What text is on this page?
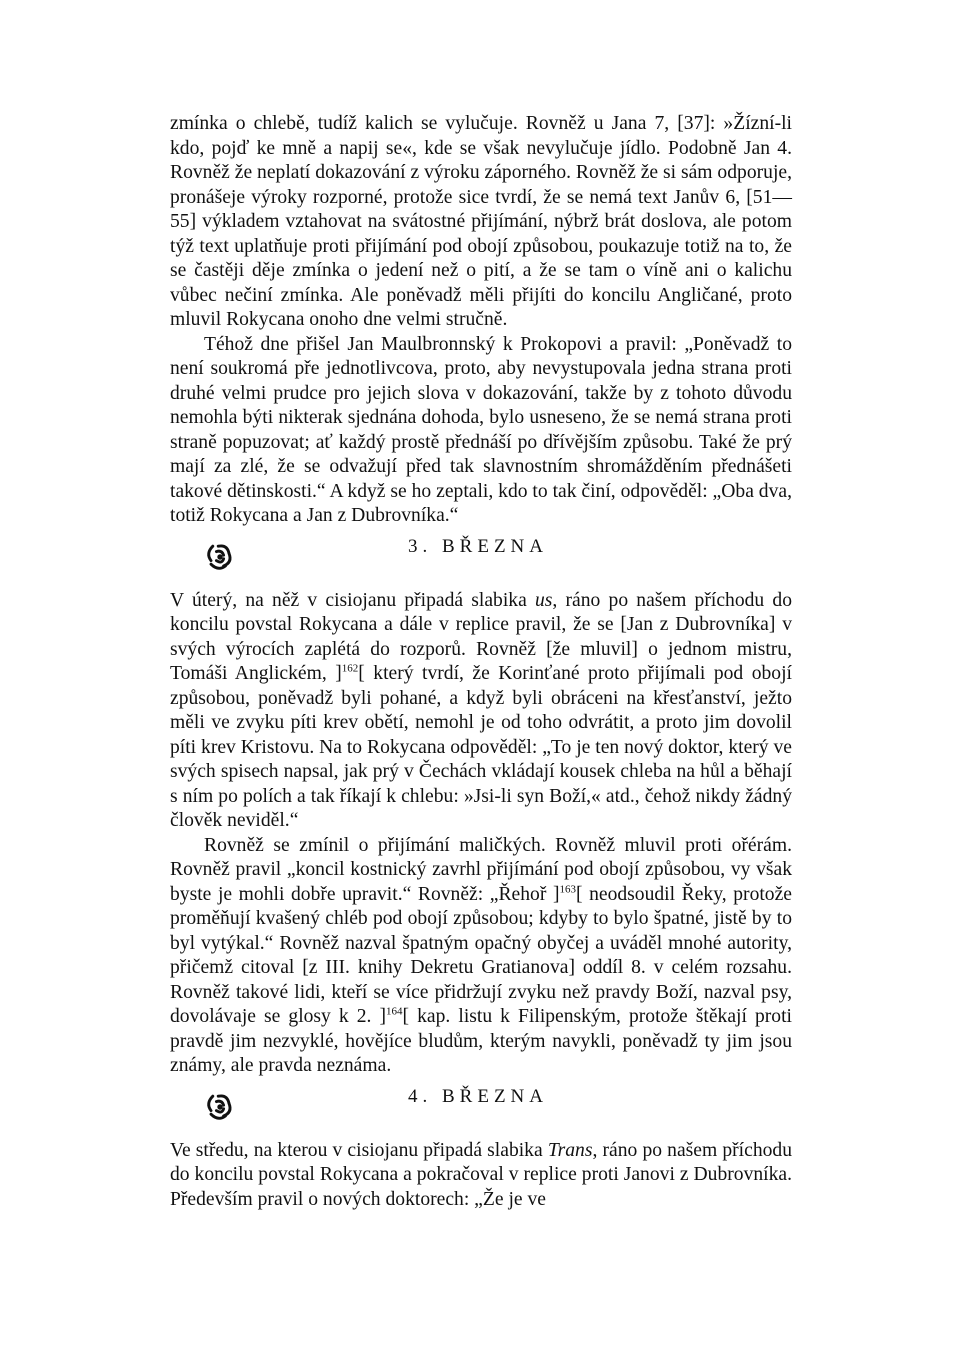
zmínka o chlebě, tudíž kalich se vylučuje. Rovněž u Jana 7, [37]: »Žízní-li kdo, pojď ke mně a napij se«, kde se však nevylučuje jídlo. Podobně Jan 4. Rovněž že neplatí dokazování z výroku záporného. Rovněž že si sám odporuje, pronášeje výroky rozporné, protože sice tvrdí, že se nemá text Janův 6, [51—55] výkladem vztahovat na svátostné přijímání, nýbrž brát doslova, ale potom týž text uplatňuje proti přijímání pod obojí způsobou, poukazuje totiž na to, že se častěji děje zmínka o jedení než o pití, a že se tam o víně ani o kalichu vůbec nečiní zmínka. Ale poněvadž měli přijíti do koncilu Angličané, proto mluvil Rokycana onoho dne velmi stručně.

Téhož dne přišel Jan Maulbronnský k Prokopovi a pravil: „Poněvadž to není soukromá pře jednotlivcova, proto, aby nevystupovala jedna strana proti druhé velmi prudce pro jejich slova v dokazování, takže by z tohoto důvodu nemohla býti nikterak sjednána dohoda, bylo usneseno, že se nemá strana proti straně popuzovat; ať každý prostě přednáší po dřívějším způsobu. Také že prý mají za zlé, že se odvažují před tak slavnostním shromážděním přednášeti takové dětinskosti.“ A když se ho zeptali, kdo to tak činí, odpověděl: „Oba dva, totiž Rokycana a Jan z Dubrovníka.“

3. BŘEZNA

V úterý, na něž v cisiojanu připadá slabika us, ráno po našem příchodu do koncilu povstal Rokycana a dále v replice pravil, že se [Jan z Dubrovníka] v svých výrocích zaplétá do rozporů. Rovněž [že mluvil] o jednom mistru, Tomáši Anglickém, ]$^{162}$[ který tvrdí, že Korinťané proto přijímali pod obojí způsobou, poněvadž byli pohané, a když byli obráceni na křesťanství, ježto měli ve zvyku píti krev obětí, nemohl je od toho odvrátit, a proto jim dovolil píti krev Kristovu. Na to Rokycana odpověděl: „To je ten nový doktor, který ve svých spisech napsal, jak prý v Čechách vkládají kousek chleba na hůl a běhají s ním po polích a tak říkají k chlebu: »Jsi-li syn Boží,« atd., čehož nikdy žádný člověk neviděl.“

Rovněž se zmínil o přijímání maličkých. Rovněž mluvil proti ořérám. Rovněž pravil „koncil kostnický zavrhl přijímání pod obojí způsobou, vy však byste je mohli dobře upravit.“ Rovněž: „Řehoř ]$^{163}$[ neodsoudil Řeky, protože proměňují kvašený chléb pod obojí způsobou; kdyby to bylo špatné, jistě by to byl vytýkal.“ Rovněž nazval špatným opačný obyčej a uváděl mnohé autority, přičemž citoval [z III. knihy Dekretu Gratianova] oddíl 8. v celém rozsahu. Rovněž takové lidi, kteří se více přidržují zvyku než pravdy Boží, nazval psy, dovolávaje se glosy k 2. ]$^{164}$[ kap. listu k Filipenským, protože štěkají proti pravdě jim nezvyklé, hovějíce bludům, kterým navykli, poněvadž ty jim jsou známy, ale pravda neznáma.

4. BŘEZNA

Ve středu, na kterou v cisiojanu připadá slabika Trans, ráno po našem příchodu do koncilu povstal Rokycana a pokračoval v replice proti Janovi z Dubrovníka. Především pravil o nových doktorech: „Že je ve
